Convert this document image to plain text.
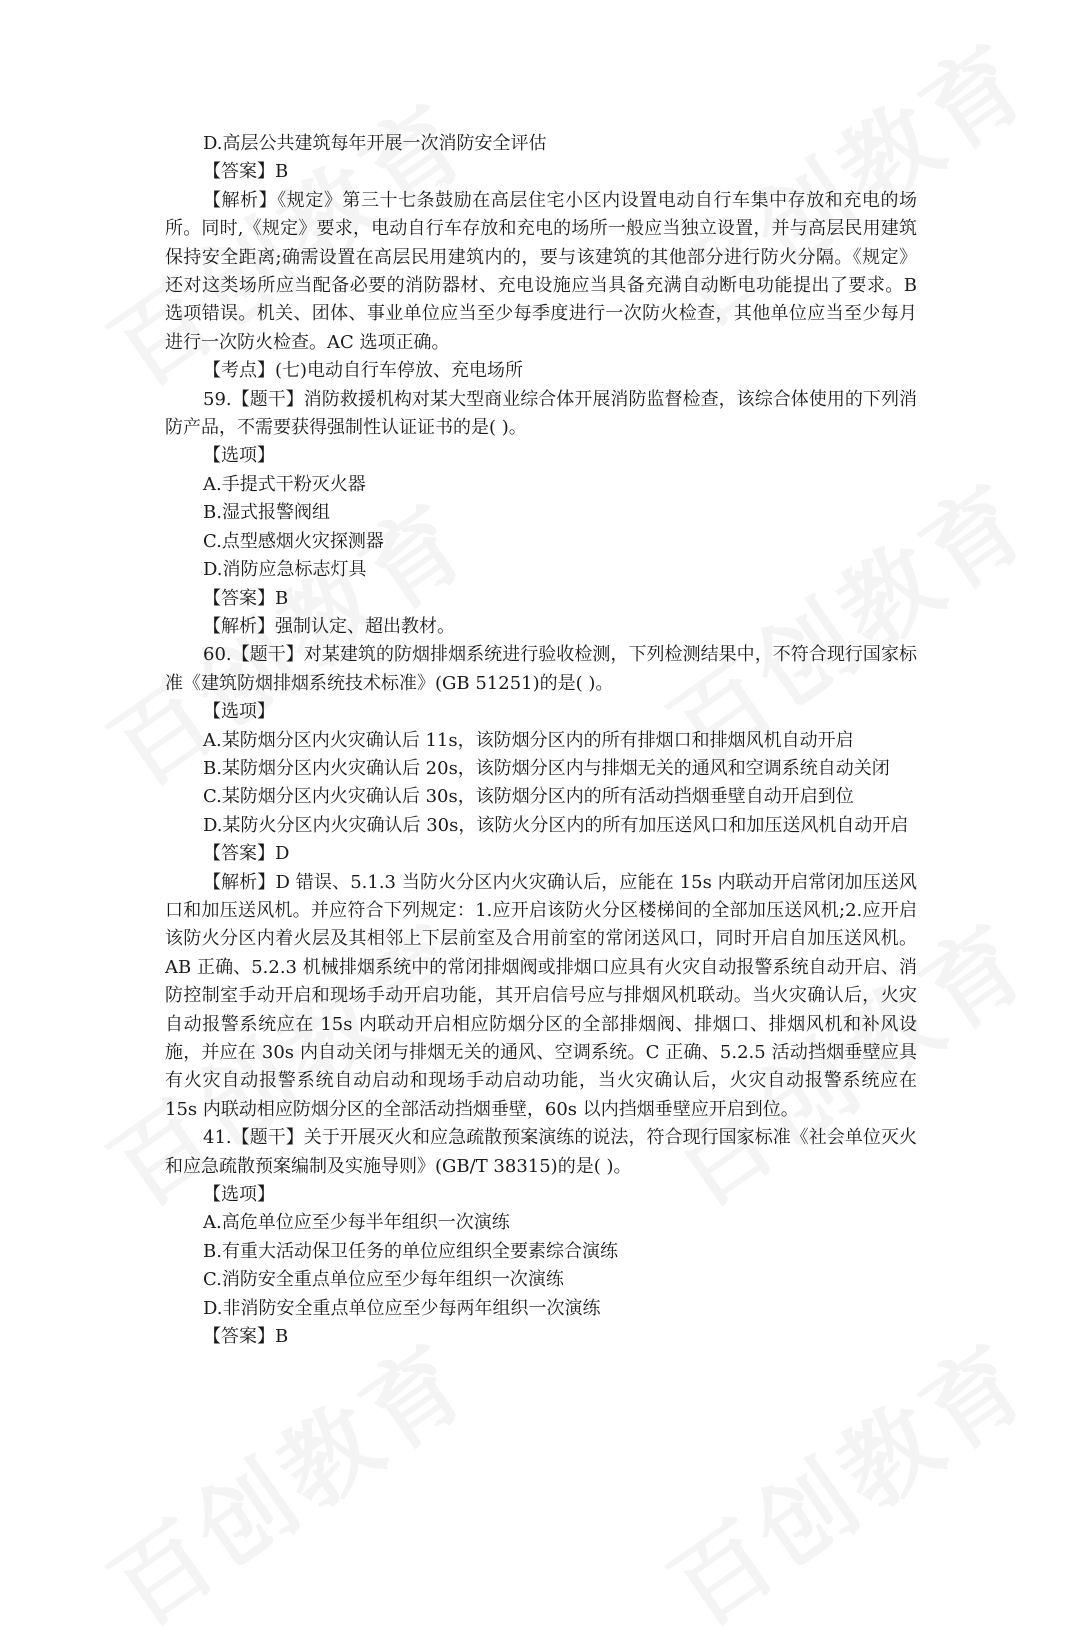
D.高层公共建筑每年开展一次消防安全评估

【答案】B

【解析】《规定》第三十七条鼓励在高层住宅小区内设置电动自行车集中存放和充电的场所。同时,《规定》要求，电动自行车存放和充电的场所一般应当独立设置，并与高层民用建筑保持安全距离;确需设置在高层民用建筑内的，要与该建筑的其他部分进行防火分隔。《规定》还对这类场所应当配备必要的消防器材、充电设施应当具备充满自动断电功能提出了要求。B 选项错误。机关、团体、事业单位应当至少每季度进行一次防火检查，其他单位应当至少每月进行一次防火检查。AC 选项正确。

【考点】(七)电动自行车停放、充电场所

59.【题干】消防救援机构对某大型商业综合体开展消防监督检查，该综合体使用的下列消防产品，不需要获得强制性认证证书的是( )。

【选项】

A.手提式干粉灭火器

B.湿式报警阀组

C.点型感烟火灾探测器

D.消防应急标志灯具

【答案】B

【解析】强制认定、超出教材。

60.【题干】对某建筑的防烟排烟系统进行验收检测，下列检测结果中，不符合现行国家标准《建筑防烟排烟系统技术标准》(GB 51251)的是( )。

【选项】

A.某防烟分区内火灾确认后 11s，该防烟分区内的所有排烟口和排烟风机自动开启

B.某防烟分区内火灾确认后 20s，该防烟分区内与排烟无关的通风和空调系统自动关闭

C.某防烟分区内火灾确认后 30s，该防烟分区内的所有活动挡烟垂壁自动开启到位

D.某防火分区内火灾确认后 30s，该防火分区内的所有加压送风口和加压送风机自动开启

【答案】D

【解析】D 错误、5.1.3 当防火分区内火灾确认后，应能在 15s 内联动开启常闭加压送风口和加压送风机。并应符合下列规定：1.应开启该防火分区楼梯间的全部加压送风机;2.应开启该防火分区内着火层及其相邻上下层前室及合用前室的常闭送风口，同时开启自加压送风机。AB 正确、5.2.3 机械排烟系统中的常闭排烟阀或排烟口应具有火灾自动报警系统自动开启、消防控制室手动开启和现场手动开启功能，其开启信号应与排烟风机联动。当火灾确认后，火灾自动报警系统应在 15s 内联动开启相应防烟分区的全部排烟阀、排烟口、排烟风机和补风设施，并应在 30s 内自动关闭与排烟无关的通风、空调系统。C 正确、5.2.5 活动挡烟垂壁应具有火灾自动报警系统自动启动和现场手动启动功能，当火灾确认后，火灾自动报警系统应在 15s 内联动相应防烟分区的全部活动挡烟垂壁，60s 以内挡烟垂壁应开启到位。

41.【题干】关于开展灭火和应急疏散预案演练的说法，符合现行国家标准《社会单位灭火和应急疏散预案编制及实施导则》(GB/T 38315)的是( )。

【选项】

A.高危单位应至少每半年组织一次演练

B.有重大活动保卫任务的单位应组织全要素综合演练

C.消防安全重点单位应至少每年组织一次演练

D.非消防安全重点单位应至少每两年组织一次演练

【答案】B
